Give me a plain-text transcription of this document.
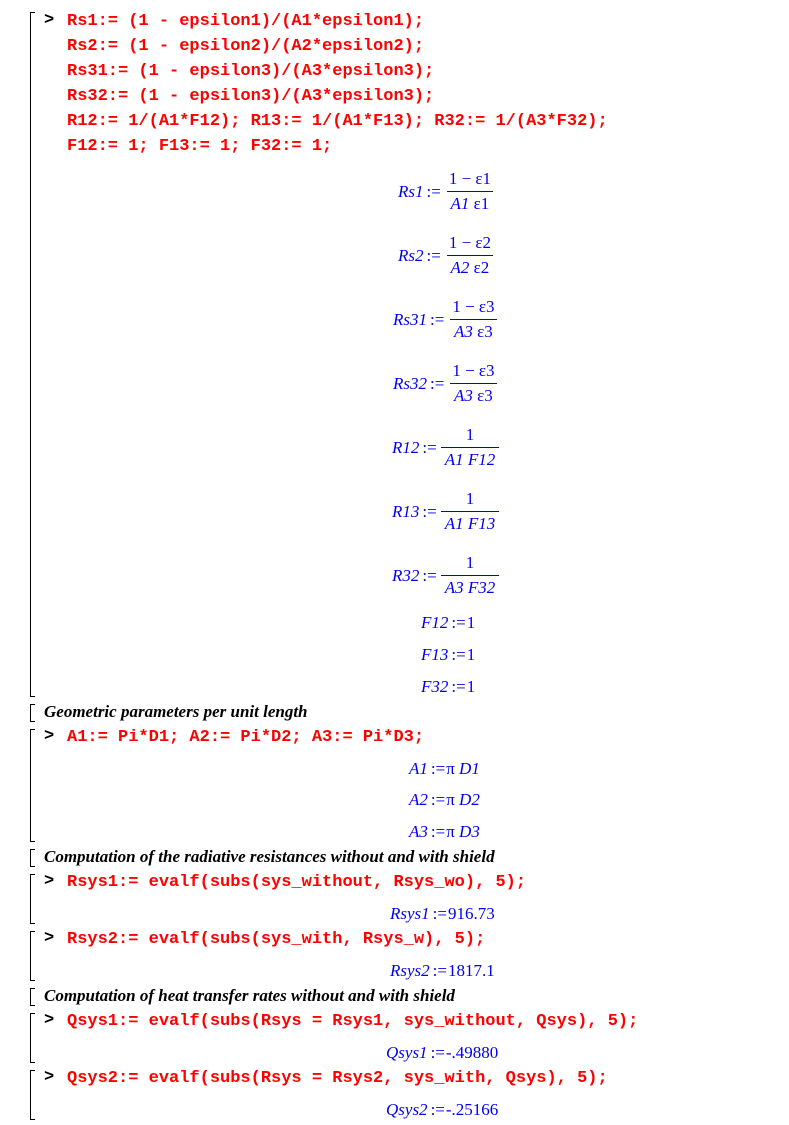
> Rs1:= (1 - epsilon1)/(A1*epsilon1);
Rs2:= (1 - epsilon2)/(A2*epsilon2);
Rs31:= (1 - epsilon3)/(A3*epsilon3);
Rs32:= (1 - epsilon3)/(A3*epsilon3);
R12:= 1/(A1*F12); R13:= 1/(A1*F13); R32:= 1/(A3*F32);
F12:= 1; F13:= 1; F32:= 1;
Rs1 := $\frac{1 - \varepsilon 1}{A1 \varepsilon 1}$
Rs2 := $\frac{1 - \varepsilon 2}{A2 \varepsilon 2}$
Rs31 := $\frac{1 - \varepsilon 3}{A3 \varepsilon 3}$
Rs32 := $\frac{1 - \varepsilon 3}{A3 \varepsilon 3}$
R12 := $\frac{1}{A1 F12}$
R13 := $\frac{1}{A1 F13}$
R32 := $\frac{1}{A3 F32}$
F12 := 1
F13 := 1
F32 := 1
Geometric parameters per unit length
> A1:= Pi*D1; A2:= Pi*D2; A3:= Pi*D3;
A1 := π
D1
A2 := π
D2
A3 := π
D3
Computation of the radiative resistances without and with shield
> Rsys1:= evalf(subs(sys_without, Rsys_wo), 5);
Rsys1 := 916.73
> Rsys2:= evalf(subs(sys_with, Rsys_w), 5);
Rsys2 := 1817.1
Computation of heat transfer rates without and with shield
> Qsys1:= evalf(subs(Rsys = Rsys1, sys_without, Qsys), 5);
Qsys1 := -.49880
> Qsys2:= evalf(subs(Rsys = Rsys2, sys_with, Qsys), 5);
Qsys2 := -.25166
